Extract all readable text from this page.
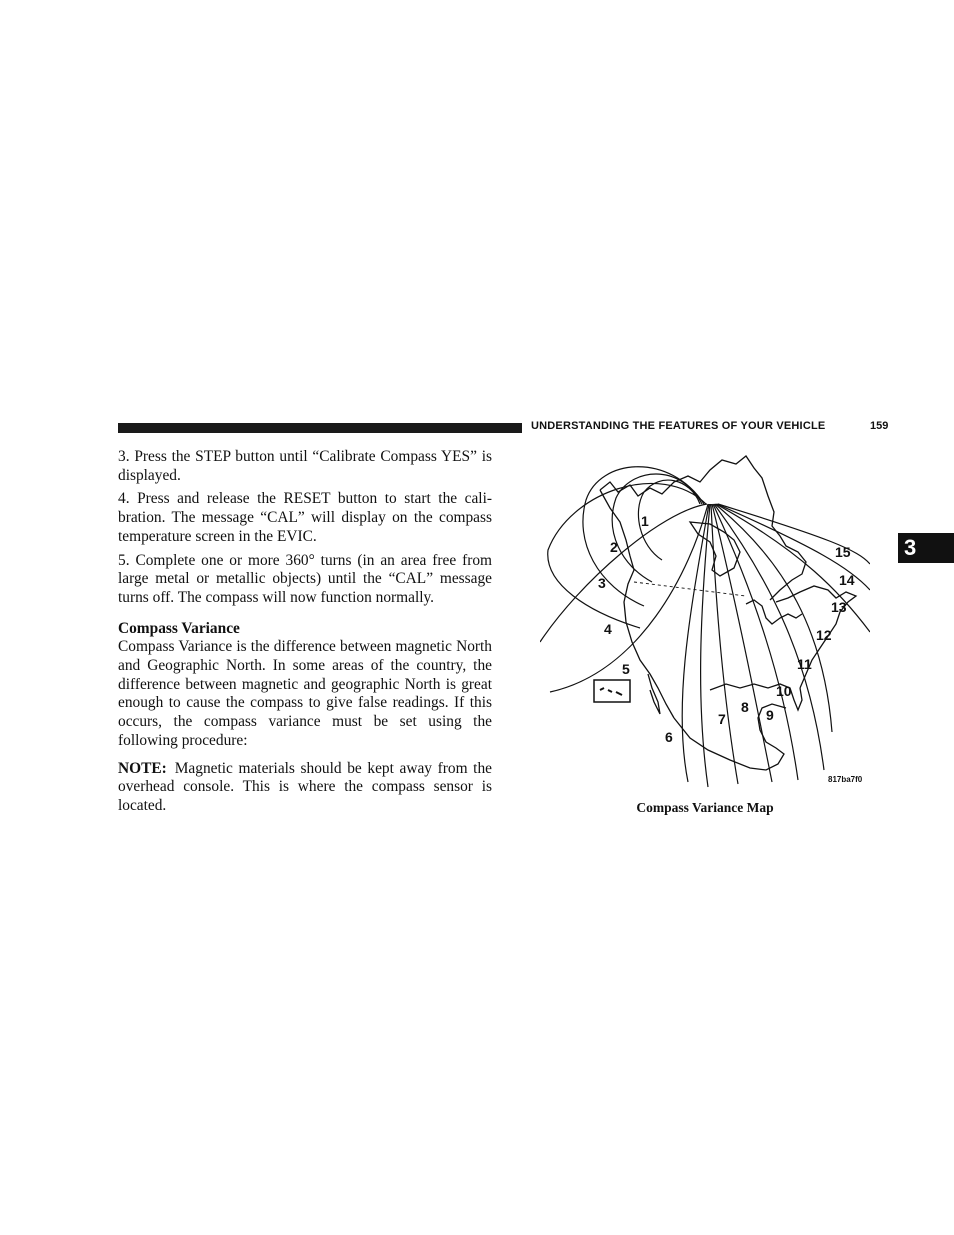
UNDERSTANDING THE FEATURES OF YOUR VEHICLE	159
3

3. Press the STEP button until “Calibrate Compass YES” is displayed.

4. Press and release the RESET button to start the calibration. The message “CAL” will display on the compass temperature screen in the EVIC.

5. Complete one or more 360° turns (in an area free from large metal or metallic objects) until the “CAL” message turns off. The compass will now function normally.

Compass Variance

Compass Variance is the difference between magnetic North and Geographic North. In some areas of the country, the difference between magnetic and geographic North is great enough to cause the compass to give false readings. If this occurs, the compass variance must be set using the following procedure:

NOTE: Magnetic materials should be kept away from the overhead console. This is where the compass sensor is located.

1
2
3
4
5
6
7
8 9
10
11
12
13
14
15
817ba7f0
Compass Variance Map
